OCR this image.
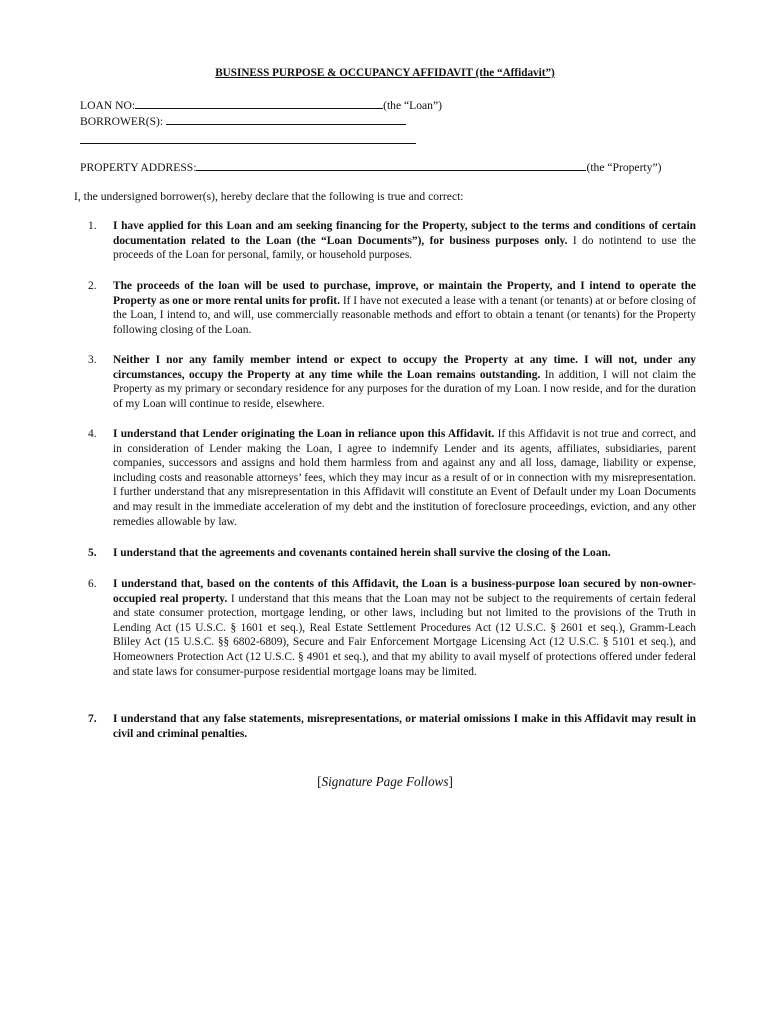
BUSINESS PURPOSE & OCCUPANCY AFFIDAVIT (the “Affidavit”)
LOAN NO:	(the “Loan”)
BORROWER(S):
PROPERTY ADDRESS:	(the “Property”)
I, the undersigned borrower(s), hereby declare that the following is true and correct:
1.	I have applied for this Loan and am seeking financing for the Property, subject to the terms and conditions of certain documentation related to the Loan (the “Loan Documents”), for business purposes only. I do notintend to use the proceeds of the Loan for personal, family, or household purposes.
2.	The proceeds of the loan will be used to purchase, improve, or maintain the Property, and I intend to operate the Property as one or more rental units for profit. If I have not executed a lease with a tenant (or tenants) at or before closing of the Loan, I intend to, and will, use commercially reasonable methods and effort to obtain a tenant (or tenants) for the Property following closing of the Loan.
3.	Neither I nor any family member intend or expect to occupy the Property at any time. I will not, under any circumstances, occupy the Property at any time while the Loan remains outstanding. In addition, I will not claim the Property as my primary or secondary residence for any purposes for the duration of my Loan. I now reside, and for the duration of my Loan will continue to reside, elsewhere.
4.	I understand that Lender originating the Loan in reliance upon this Affidavit. If this Affidavit is not true and correct, and in consideration of Lender making the Loan, I agree to indemnify Lender and its agents, affiliates, subsidiaries, parent companies, successors and assigns and hold them harmless from and against any and all loss, damage, liability or expense, including costs and reasonable attorneys’ fees, which they may incur as a result of or in connection with my misrepresentation. I further understand that any misrepresentation in this Affidavit will constitute an Event of Default under my Loan Documents and may result in the immediate acceleration of my debt and the institution of foreclosure proceedings, eviction, and any other remedies allowable by law.
5.	I understand that the agreements and covenants contained herein shall survive the closing of the Loan.
6.	I understand that, based on the contents of this Affidavit, the Loan is a business-purpose loan secured by non-owner-occupied real property. I understand that this means that the Loan may not be subject to the requirements of certain federal and state consumer protection, mortgage lending, or other laws, including but not limited to the provisions of the Truth in Lending Act (15 U.S.C. § 1601 et seq.), Real Estate Settlement Procedures Act (12 U.S.C. § 2601 et seq.), Gramm-Leach Bliley Act (15 U.S.C. §§ 6802-6809), Secure and Fair Enforcement Mortgage Licensing Act (12 U.S.C. § 5101 et seq.), and Homeowners Protection Act (12 U.S.C. § 4901 et seq.), and that my ability to avail myself of protections offered under federal and state laws for consumer-purpose residential mortgage loans may be limited.
7.	I understand that any false statements, misrepresentations, or material omissions I make in this Affidavit may result in civil and criminal penalties.
[Signature Page Follows]
